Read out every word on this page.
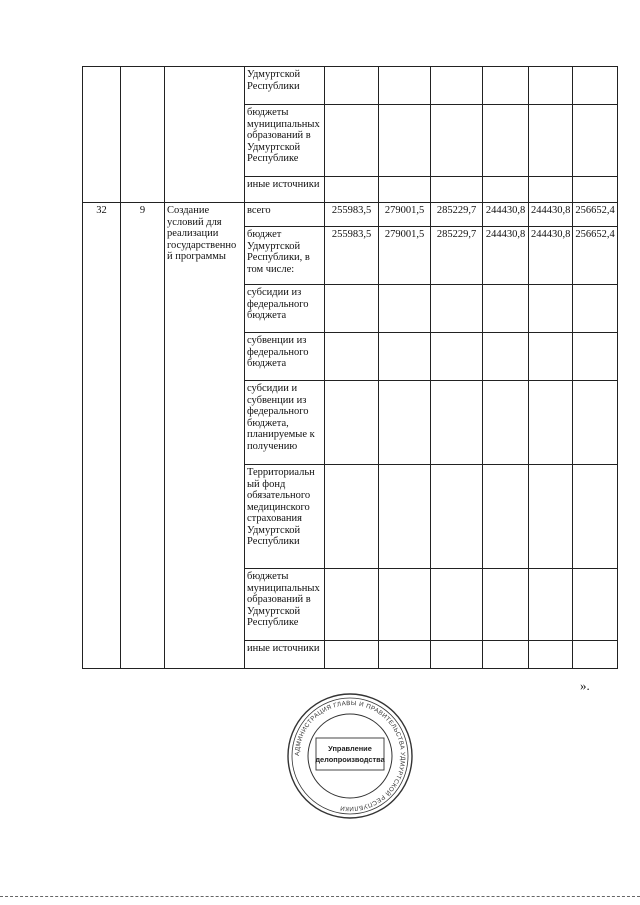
			Удмуртской Республики						
			бюджеты муниципальных образований в Удмуртской Республике						
			иные источники						
32	9	Создание условий для реализации государственно й программы	всего	255983,5	279001,5	285229,7	244430,8	244430,8	256652,4
			бюджет Удмуртской Республики, в том числе:	255983,5	279001,5	285229,7	244430,8	244430,8	256652,4
			субсидии из федерального бюджета						
			субвенции из федерального бюджета						
			субсидии и субвенции из федерального бюджета, планируемые к получению						
			Территориальн ый фонд обязательного медицинского страхования Удмуртской Республики						
			бюджеты муниципальных образований в Удмуртской Республике						
			иные источники						
».
АДМИНИСТРАЦИЯ ГЛАВЫ И ПРАВИТЕЛЬСТВА УДМУРТСКОЙ РЕСПУБЛИКИ
Управление
делопроизводства
